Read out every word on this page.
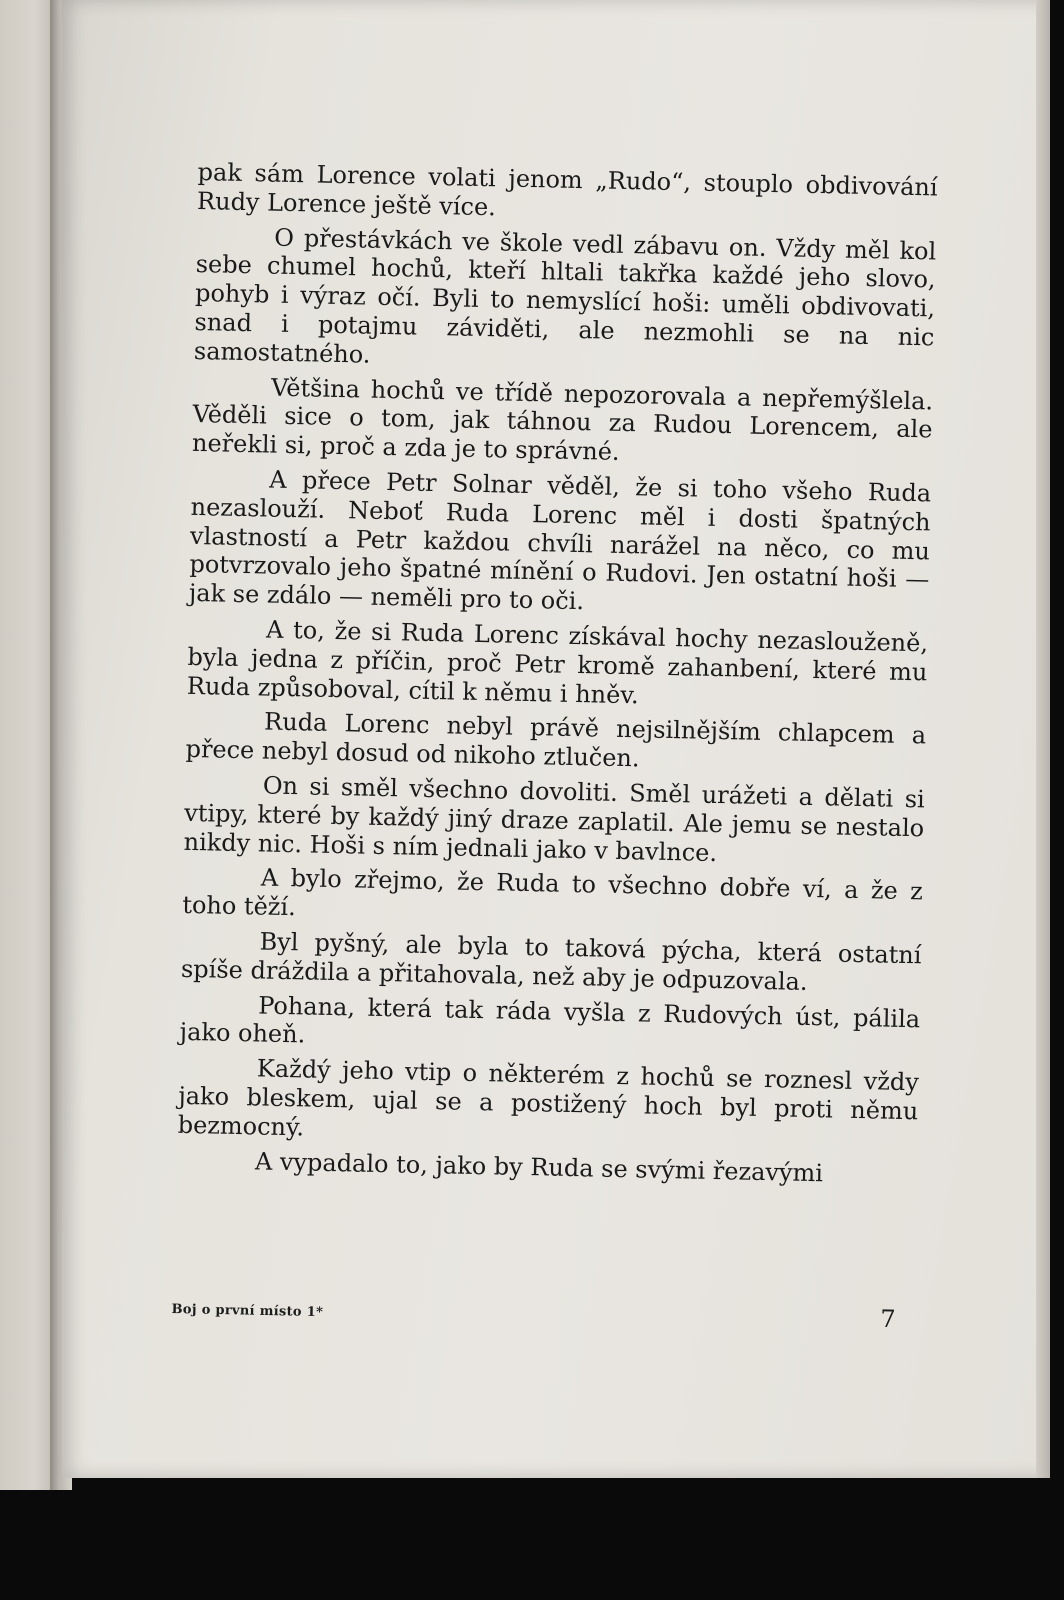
pak sám Lorence volati jenom „Rudo“, stouplo obdivování Rudy Lorence ještě více.

O přestávkách ve škole vedl zábavu on. Vždy měl kol sebe chumel hochů, kteří hltali takřka každé jeho slovo, pohyb i výraz očí. Byli to nemyslící hoši: uměli obdivovati, snad i potajmu záviděti, ale nezmohli se na nic samostatného.

Většina hochů ve třídě nepozorovala a nepřemýšlela. Věděli sice o tom, jak táhnou za Rudou Lorencem, ale neřekli si, proč a zda je to správné.

A přece Petr Solnar věděl, že si toho všeho Ruda nezaslouží. Neboť Ruda Lorenc měl i dosti špatných vlastností a Petr každou chvíli narážel na něco, co mu potvrzovalo jeho špatné mínění o Rudovi. Jen ostatní hoši — jak se zdálo — neměli pro to oči.

A to, že si Ruda Lorenc získával hochy nezaslouženě, byla jedna z příčin, proč Petr kromě zahanbení, které mu Ruda způsoboval, cítil k němu i hněv.

Ruda Lorenc nebyl právě nejsilnějším chlapcem a přece nebyl dosud od nikoho ztlučen.

On si směl všechno dovoliti. Směl urážeti a dělati si vtipy, které by každý jiný draze zaplatil. Ale jemu se nestalo nikdy nic. Hoši s ním jednali jako v bavlnce.

A bylo zřejmo, že Ruda to všechno dobře ví, a že z toho těží.

Byl pyšný, ale byla to taková pýcha, která ostatní spíše dráždila a přitahovala, než aby je odpuzovala.

Pohana, která tak ráda vyšla z Rudových úst, pálila jako oheň.

Každý jeho vtip o některém z hochů se roznesl vždy jako bleskem, ujal se a postižený hoch byl proti němu bezmocný.

A vypadalo to, jako by Ruda se svými řezavými

Boj o první místo 1*	7
